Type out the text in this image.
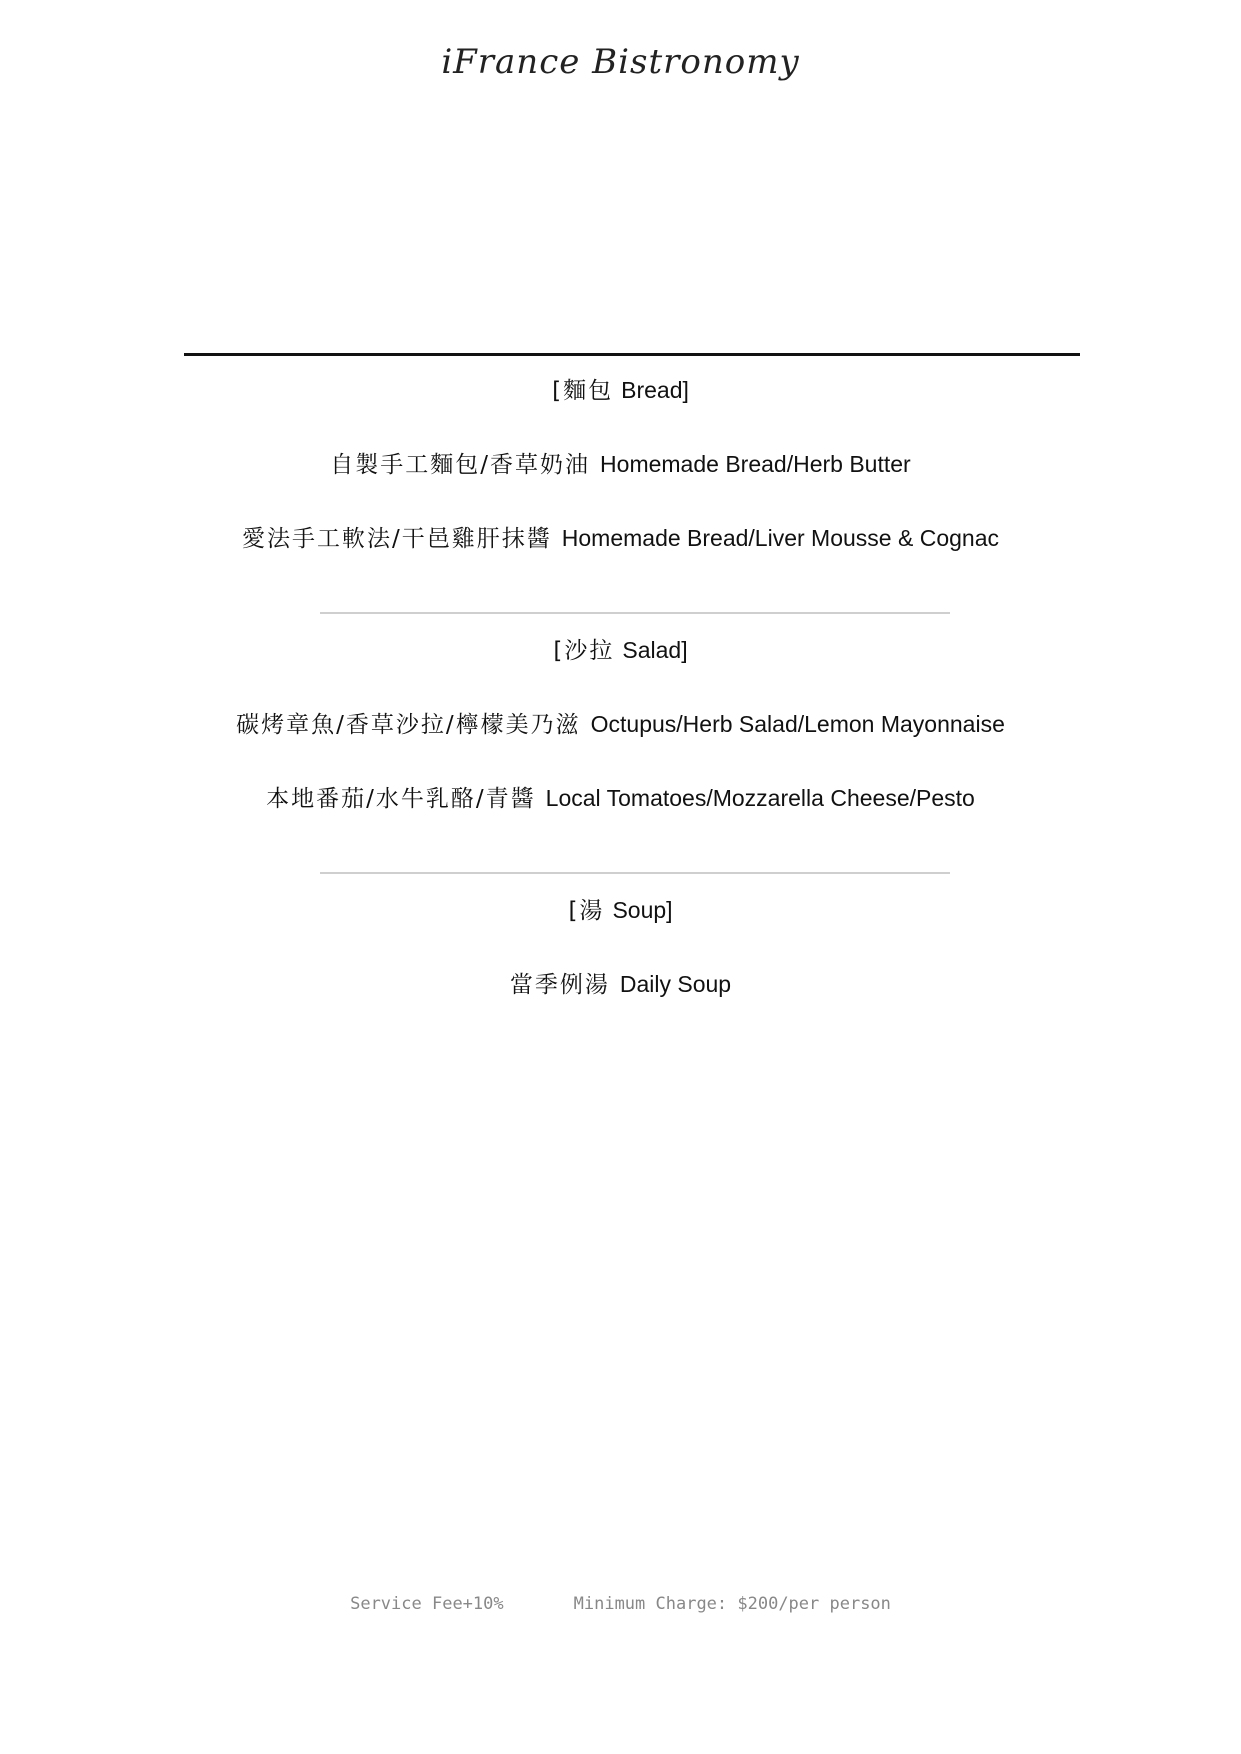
iFrance Bistronomy
[麵包 Bread]
自製手工麵包/香草奶油 Homemade Bread/Herb Butter
愛法手工軟法/干邑雞肝抹醬 Homemade Bread/Liver Mousse & Cognac
[沙拉 Salad]
碳烤章魚/香草沙拉/檸檬美乃滋 Octupus/Herb Salad/Lemon Mayonnaise
本地番茄/水牛乳酪/青醬 Local Tomatoes/Mozzarella Cheese/Pesto
[湯 Soup]
當季例湯 Daily Soup
Service Fee+10%	Minimum Charge: $200/per person
